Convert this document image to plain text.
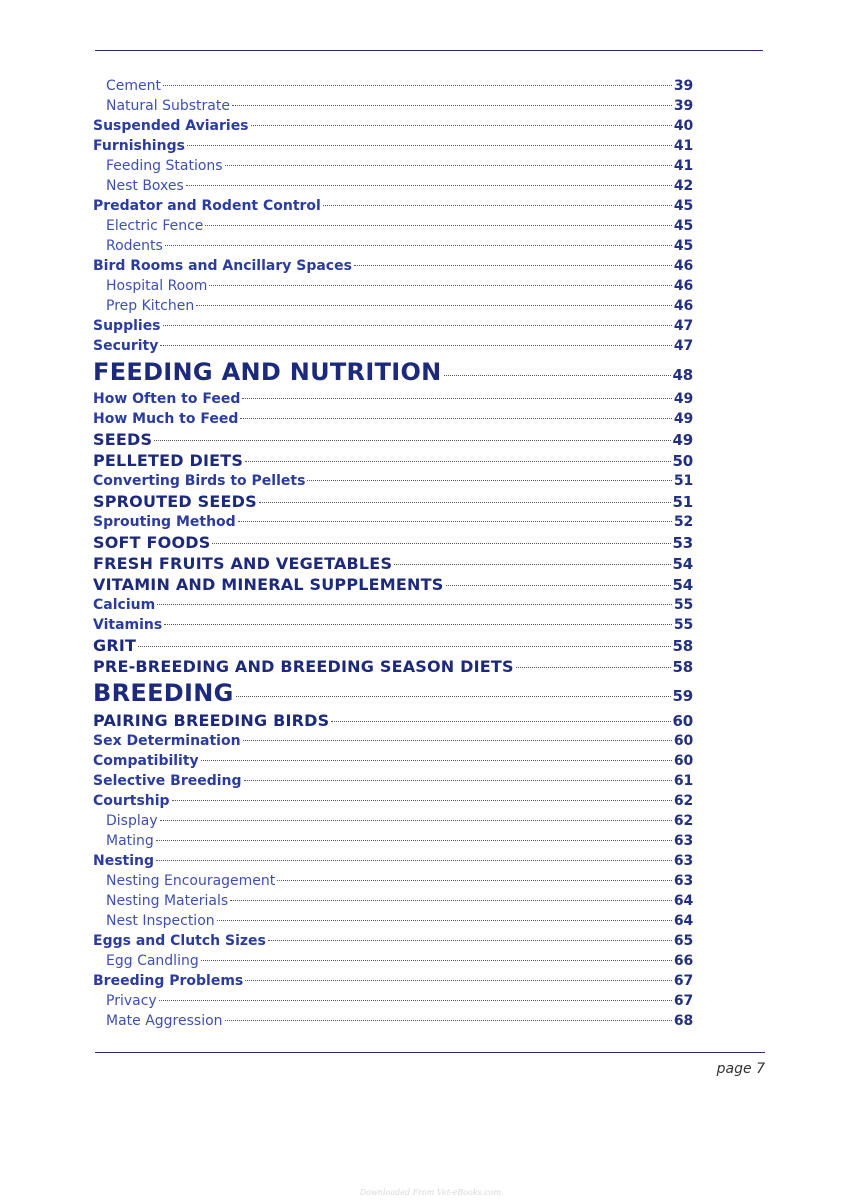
Cement	39
Natural Substrate	39
Suspended Aviaries	40
Furnishings	41
Feeding Stations	41
Nest Boxes	42
Predator and Rodent Control	45
Electric Fence	45
Rodents	45
Bird Rooms and Ancillary Spaces	46
Hospital Room	46
Prep Kitchen	46
Supplies	47
Security	47
FEEDING AND NUTRITION	48
How Often to Feed	49
How Much to Feed	49
SEEDS	49
PELLETED DIETS	50
Converting Birds to Pellets	51
SPROUTED SEEDS	51
Sprouting Method	52
SOFT FOODS	53
FRESH FRUITS AND VEGETABLES	54
VITAMIN AND MINERAL SUPPLEMENTS	54
Calcium	55
Vitamins	55
GRIT	58
PRE-BREEDING AND BREEDING SEASON DIETS	58
BREEDING	59
PAIRING BREEDING BIRDS	60
Sex Determination	60
Compatibility	60
Selective Breeding	61
Courtship	62
Display	62
Mating	63
Nesting	63
Nesting Encouragement	63
Nesting Materials	64
Nest Inspection	64
Eggs and Clutch Sizes	65
Egg Candling	66
Breeding Problems	67
Privacy	67
Mate Aggression	68
page 7
Downloaded From Vet-eBooks.com
